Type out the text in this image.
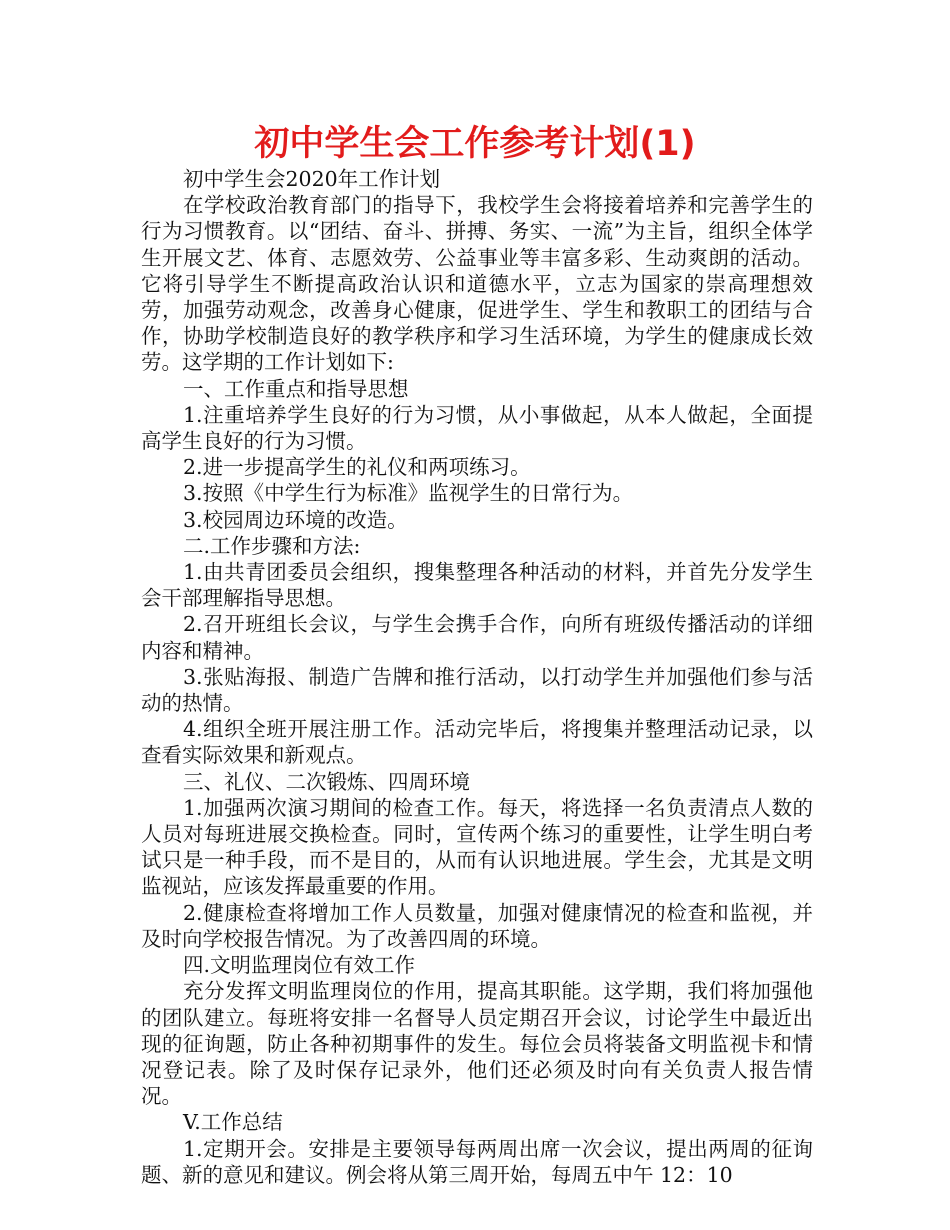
初中学生会工作参考计划(1)

初中学生会2020年工作计划

在学校政治教育部门的指导下，我校学生会将接着培养和完善学生的行为习惯教育。以“团结、奋斗、拼搏、务实、一流”为主旨，组织全体学生开展文艺、体育、志愿效劳、公益事业等丰富多彩、生动爽朗的活动。它将引导学生不断提高政治认识和道德水平，立志为国家的崇高理想效劳，加强劳动观念，改善身心健康，促进学生、学生和教职工的团结与合作，协助学校制造良好的教学秩序和学习生活环境，为学生的健康成长效劳。这学期的工作计划如下:

一、工作重点和指导思想

1.注重培养学生良好的行为习惯，从小事做起，从本人做起，全面提高学生良好的行为习惯。

2.进一步提高学生的礼仪和两项练习。

3.按照《中学生行为标准》监视学生的日常行为。

3.校园周边环境的改造。

二.工作步骤和方法:

1.由共青团委员会组织，搜集整理各种活动的材料，并首先分发学生会干部理解指导思想。

2.召开班组长会议，与学生会携手合作，向所有班级传播活动的详细内容和精神。

3.张贴海报、制造广告牌和推行活动，以打动学生并加强他们参与活动的热情。

4.组织全班开展注册工作。活动完毕后，将搜集并整理活动记录，以查看实际效果和新观点。

三、礼仪、二次锻炼、四周环境

1.加强两次演习期间的检查工作。每天，将选择一名负责清点人数的人员对每班进展交换检查。同时，宣传两个练习的重要性，让学生明白考试只是一种手段，而不是目的，从而有认识地进展。学生会，尤其是文明监视站，应该发挥最重要的作用。

2.健康检查将增加工作人员数量，加强对健康情况的检查和监视，并及时向学校报告情况。为了改善四周的环境。

四.文明监理岗位有效工作

充分发挥文明监理岗位的作用，提高其职能。这学期，我们将加强他的团队建立。每班将安排一名督导人员定期召开会议，讨论学生中最近出现的征询题，防止各种初期事件的发生。每位会员将装备文明监视卡和情况登记表。除了及时保存记录外，他们还必须及时向有关负责人报告情况。

V.工作总结

1.定期开会。安排是主要领导每两周出席一次会议，提出两周的征询题、新的意见和建议。例会将从第三周开始，每周五中午 12：10
